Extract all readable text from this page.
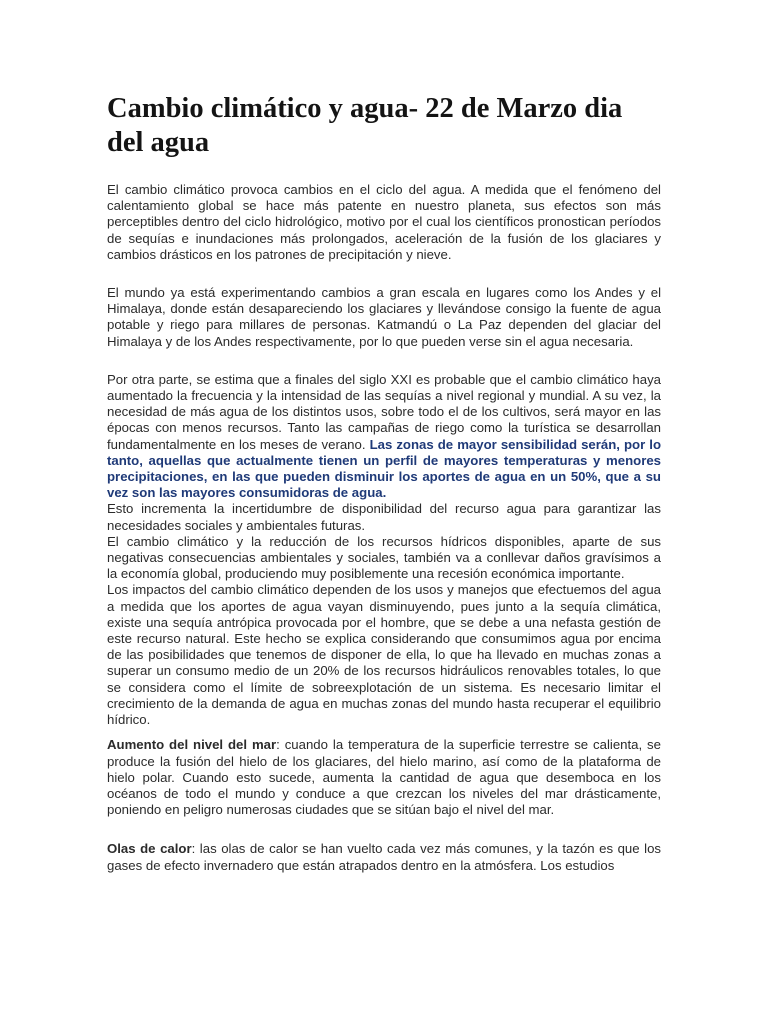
Cambio climático y agua- 22 de Marzo dia del agua

El cambio climático provoca cambios en el ciclo del agua. A medida que el fenómeno del calentamiento global se hace más patente en nuestro planeta, sus efectos son más perceptibles dentro del ciclo hidrológico, motivo por el cual los científicos pronostican períodos de sequías e inundaciones más prolongados, aceleración de la fusión de los glaciares y cambios drásticos en los patrones de precipitación y nieve.

El mundo ya está experimentando cambios a gran escala en lugares como los Andes y el Himalaya, donde están desapareciendo los glaciares y llevándose consigo la fuente de agua potable y riego para millares de personas. Katmandú o La Paz dependen del glaciar del Himalaya y de los Andes respectivamente, por lo que pueden verse sin el agua necesaria.

Por otra parte, se estima que a finales del siglo XXI es probable que el cambio climático haya aumentado la frecuencia y la intensidad de las sequías a nivel regional y mundial. A su vez, la necesidad de más agua de los distintos usos, sobre todo el de los cultivos, será mayor en las épocas con menos recursos. Tanto las campañas de riego como la turística se desarrollan fundamentalmente en los meses de verano. Las zonas de mayor sensibilidad serán, por lo tanto, aquellas que actualmente tienen un perfil de mayores temperaturas y menores precipitaciones, en las que pueden disminuir los aportes de agua en un 50%, que a su vez son las mayores consumidoras de agua.

Esto incrementa la incertidumbre de disponibilidad del recurso agua para garantizar las necesidades sociales y ambientales futuras.

El cambio climático y la reducción de los recursos hídricos disponibles, aparte de sus negativas consecuencias ambientales y sociales, también va a conllevar daños gravísimos a la economía global, produciendo muy posiblemente una recesión económica importante.

Los impactos del cambio climático dependen de los usos y manejos que efectuemos del agua a medida que los aportes de agua vayan disminuyendo, pues junto a la sequía climática, existe una sequía antrópica provocada por el hombre, que se debe a una nefasta gestión de este recurso natural. Este hecho se explica considerando que consumimos agua por encima de las posibilidades que tenemos de disponer de ella, lo que ha llevado en muchas zonas a superar un consumo medio de un 20% de los recursos hidráulicos renovables totales, lo que se considera como el límite de sobreexplotación de un sistema. Es necesario limitar el crecimiento de la demanda de agua en muchas zonas del mundo hasta recuperar el equilibrio hídrico.

Aumento del nivel del mar: cuando la temperatura de la superficie terrestre se calienta, se produce la fusión del hielo de los glaciares, del hielo marino, así como de la plataforma de hielo polar. Cuando esto sucede, aumenta la cantidad de agua que desemboca en los océanos de todo el mundo y conduce a que crezcan los niveles del mar drásticamente, poniendo en peligro numerosas ciudades que se sitúan bajo el nivel del mar.

Olas de calor: las olas de calor se han vuelto cada vez más comunes, y la tazón es que los gases de efecto invernadero que están atrapados dentro en la atmósfera. Los estudios
